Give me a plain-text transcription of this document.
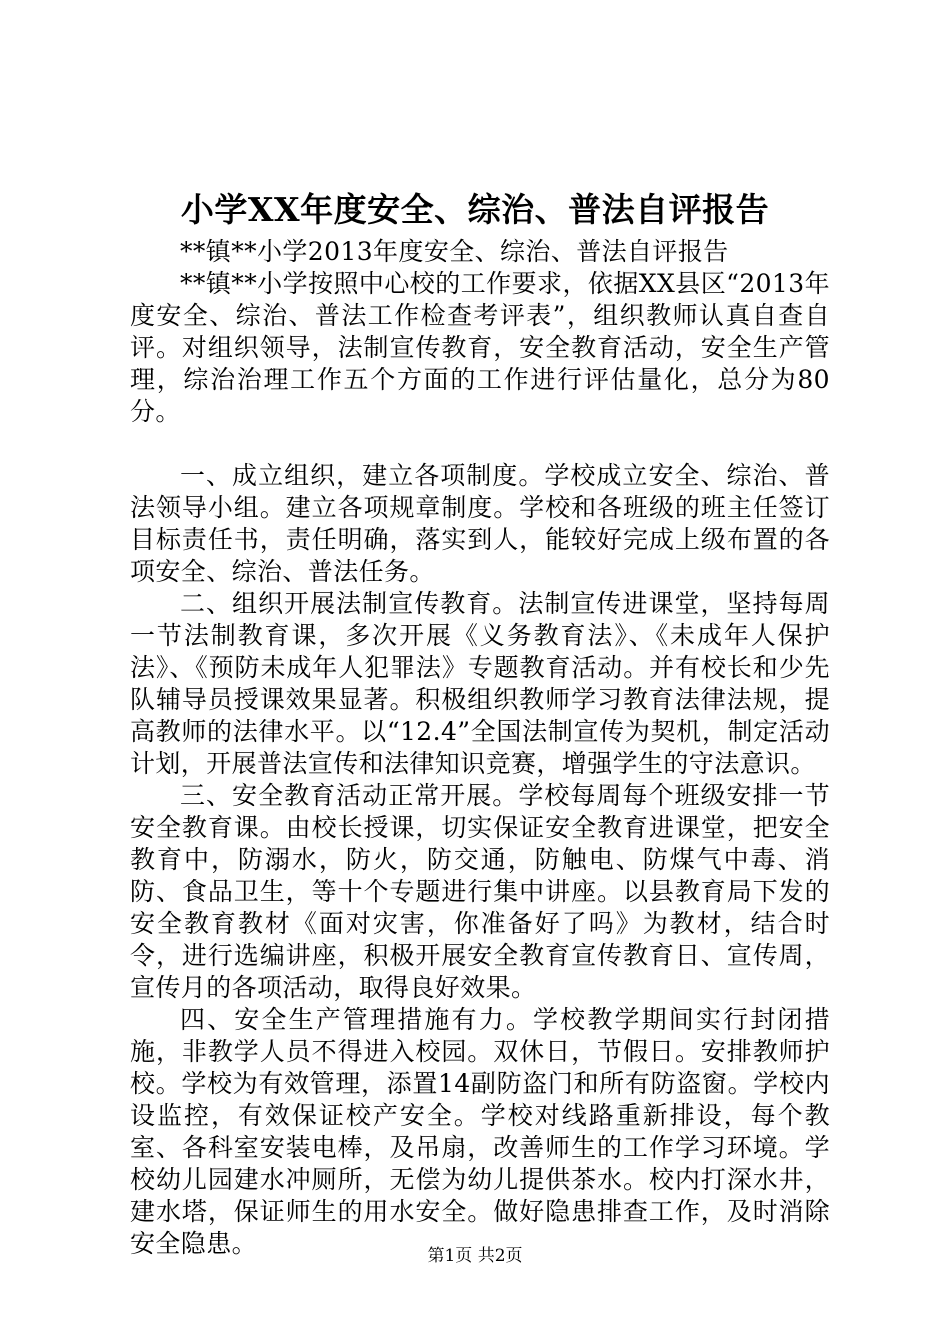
小学XX年度安全、综治、普法自评报告

**镇**小学2013年度安全、综治、普法自评报告

**镇**小学按照中心校的工作要求，依据XX县区“2013年度安全、综治、普法工作检查考评表”，组织教师认真自查自评。对组织领导，法制宣传教育，安全教育活动，安全生产管理，综治治理工作五个方面的工作进行评估量化，总分为80分。

一、成立组织，建立各项制度。学校成立安全、综治、普法领导小组。建立各项规章制度。学校和各班级的班主任签订目标责任书，责任明确，落实到人，能较好完成上级布置的各项安全、综治、普法任务。

二、组织开展法制宣传教育。法制宣传进课堂，坚持每周一节法制教育课，多次开展《义务教育法》、《未成年人保护法》、《预防未成年人犯罪法》专题教育活动。并有校长和少先队辅导员授课效果显著。积极组织教师学习教育法律法规，提高教师的法律水平。以“12.4”全国法制宣传为契机，制定活动计划，开展普法宣传和法律知识竞赛，增强学生的守法意识。

三、安全教育活动正常开展。学校每周每个班级安排一节安全教育课。由校长授课，切实保证安全教育进课堂，把安全教育中，防溺水，防火，防交通，防触电、防煤气中毒、消防、食品卫生，等十个专题进行集中讲座。以县教育局下发的安全教育教材《面对灾害，你准备好了吗》为教材，结合时令，进行选编讲座，积极开展安全教育宣传教育日、宣传周，宣传月的各项活动，取得良好效果。

四、安全生产管理措施有力。学校教学期间实行封闭措施，非教学人员不得进入校园。双休日，节假日。安排教师护校。学校为有效管理，添置14副防盗门和所有防盗窗。学校内设监控，有效保证校产安全。学校对线路重新排设，每个教室、各科室安装电棒，及吊扇，改善师生的工作学习环境。学校幼儿园建水冲厕所，无偿为幼儿提供茶水。校内打深水井，建水塔，保证师生的用水安全。做好隐患排查工作，及时消除安全隐患。	第1页 共2页
